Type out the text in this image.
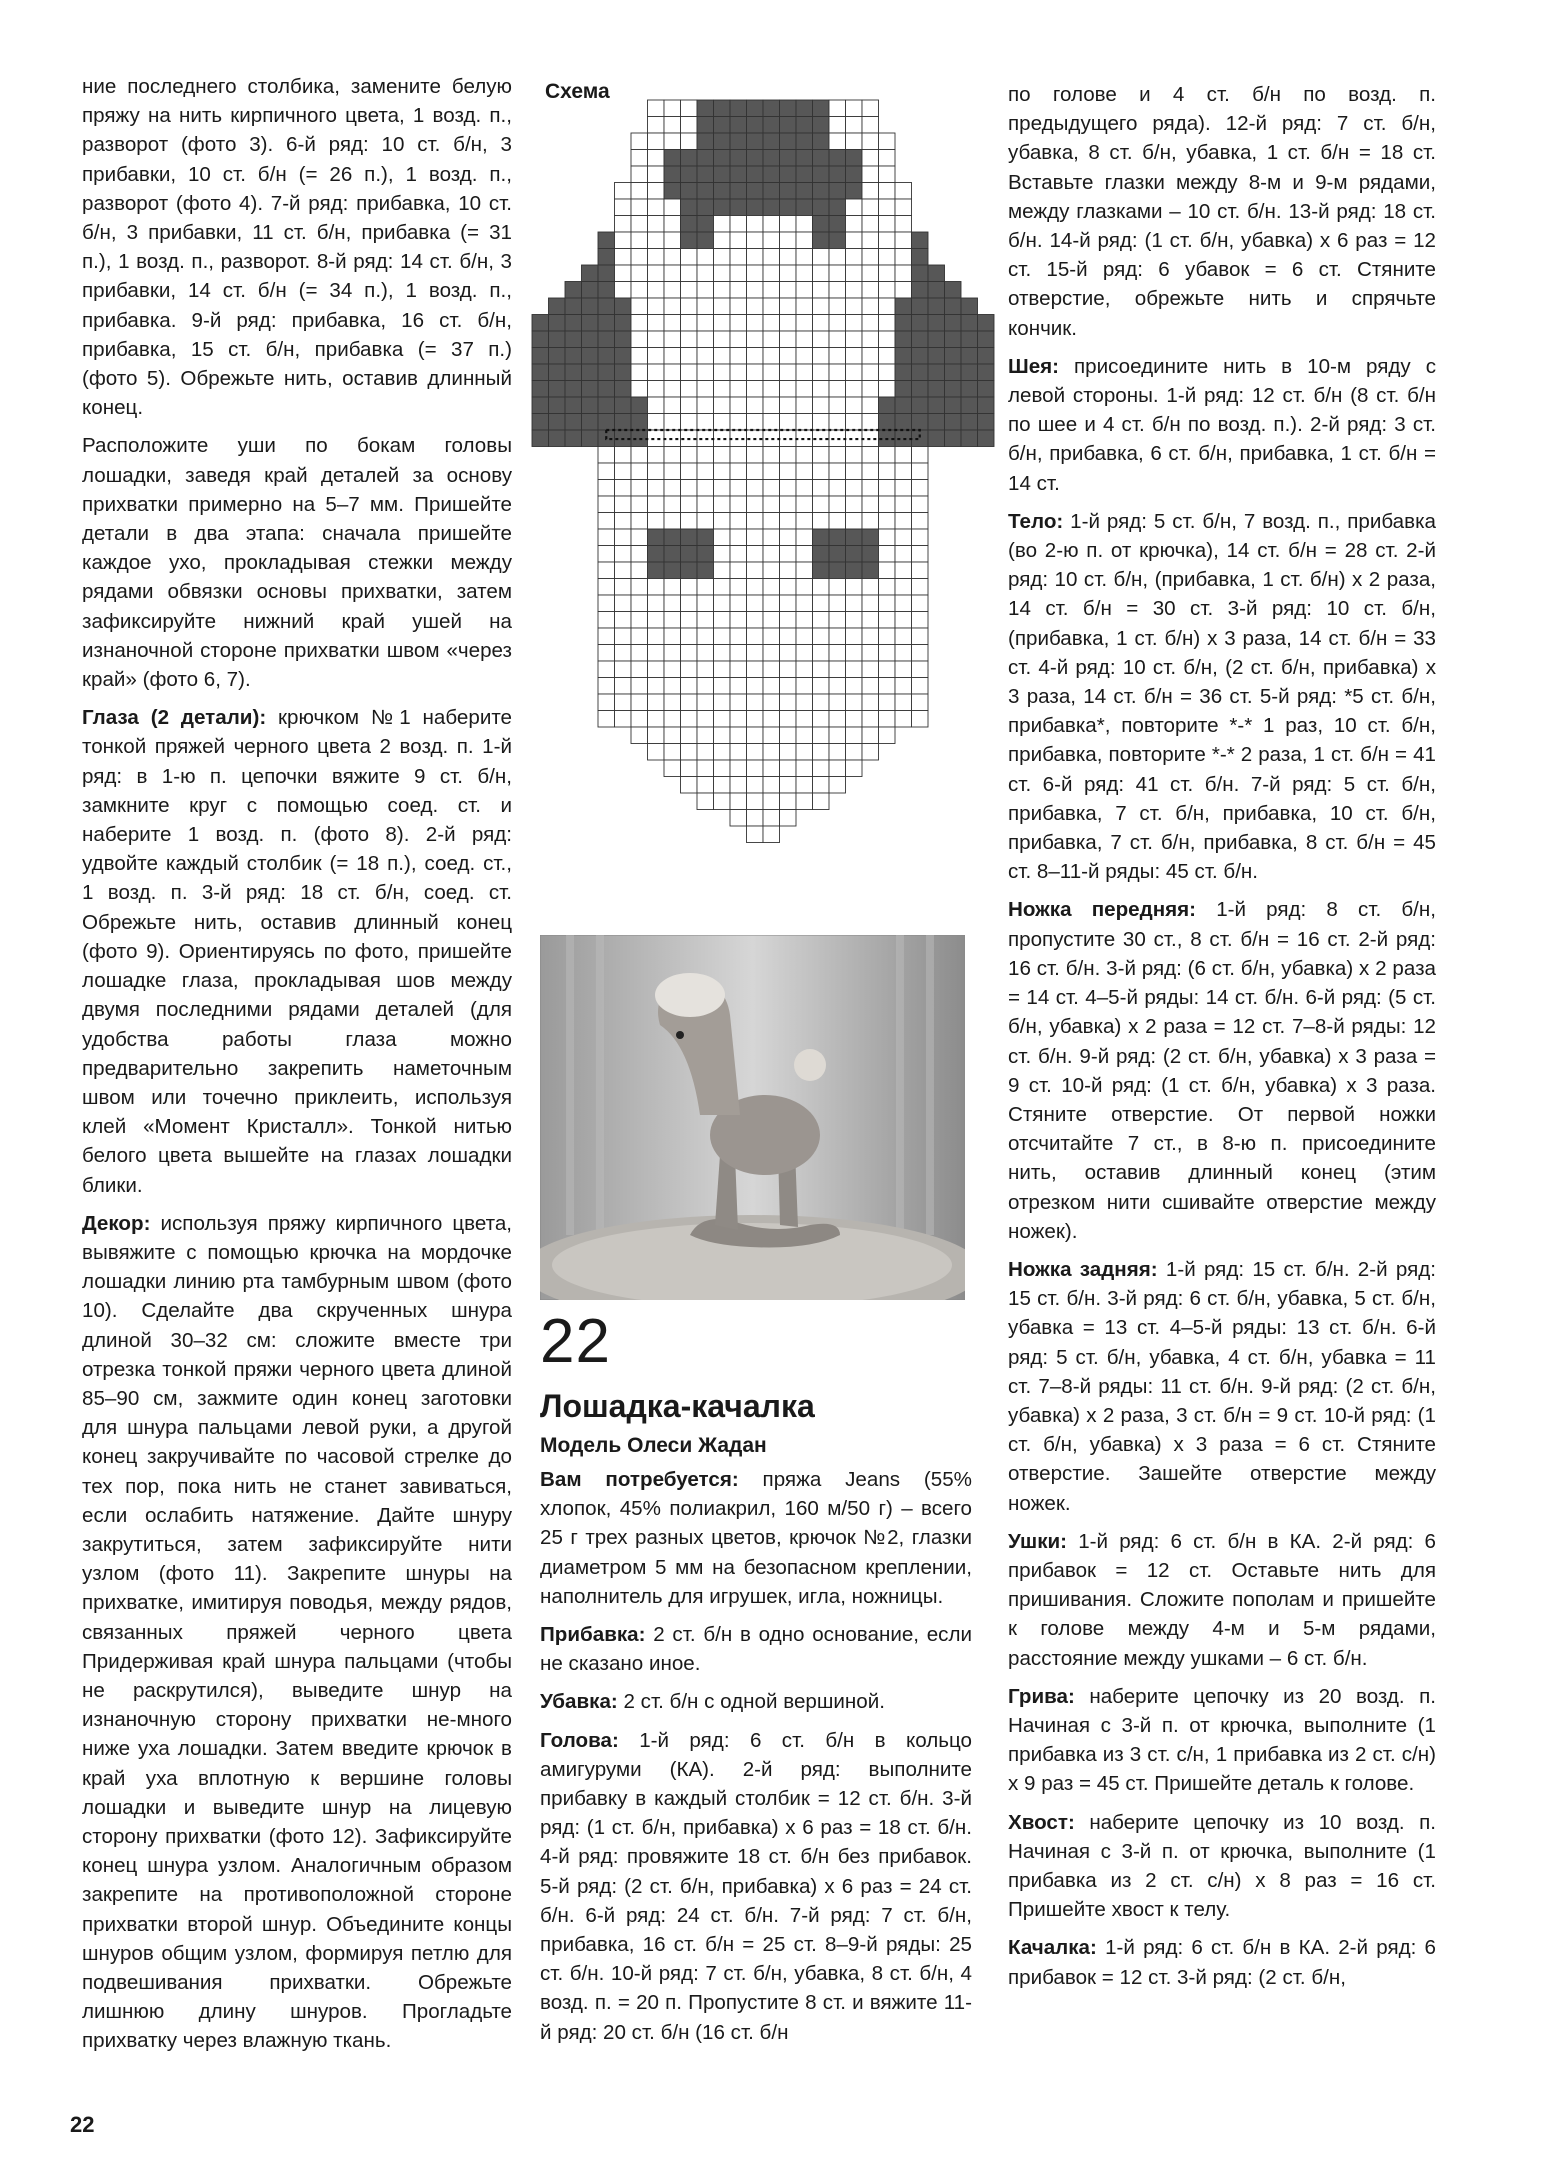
ние последнего столбика, замените белую пряжу на нить кирпичного цвета, 1 возд. п., разворот (фото 3). 6-й ряд: 10 ст. б/н, 3 прибавки, 10 ст. б/н (= 26 п.), 1 возд. п., разворот (фото 4). 7-й ряд: прибавка, 10 ст. б/н, 3 прибавки, 11 ст. б/н, прибавка (= 31 п.), 1 возд. п., разворот. 8-й ряд: 14 ст. б/н, 3 прибавки, 14 ст. б/н (= 34 п.), 1 возд. п., прибавка. 9-й ряд: прибавка, 16 ст. б/н, прибавка, 15 ст. б/н, прибавка (= 37 п.) (фото 5). Обрежьте нить, оставив длинный конец.

Расположите уши по бокам головы лошадки, заведя край деталей за основу прихватки примерно на 5–7 мм. Пришейте детали в два этапа: сначала пришейте каждое ухо, прокладывая стежки между рядами обвязки основы прихватки, затем зафиксируйте нижний край ушей на изнаночной стороне прихватки швом «через край» (фото 6, 7).

Глаза (2 детали): крючком №1 наберите тонкой пряжей черного цвета 2 возд. п. 1-й ряд: в 1-ю п. цепочки вяжите 9 ст. б/н, замкните круг с помощью соед. ст. и наберите 1 возд. п. (фото 8). 2-й ряд: удвойте каждый столбик (= 18 п.), соед. ст., 1 возд. п. 3-й ряд: 18 ст. б/н, соед. ст. Обрежьте нить, оставив длинный конец (фото 9). Ориентируясь по фото, пришейте лошадке глаза, прокладывая шов между двумя последними рядами деталей (для удобства работы глаза можно предварительно закрепить наметочным швом или точечно приклеить, используя клей «Момент Кристалл». Тонкой нитью белого цвета вышейте на глазах лошадки блики.

Декор: используя пряжу кирпичного цвета, вывяжите с помощью крючка на мордочке лошадки линию рта тамбурным швом (фото 10). Сделайте два скрученных шнура длиной 30–32 см: сложите вместе три отрезка тонкой пряжи черного цвета длиной 85–90 см, зажмите один конец заготовки для шнура пальцами левой руки, а другой конец закручивайте по часовой стрелке до тех пор, пока нить не станет завиваться, если ослабить натяжение. Дайте шнуру закрутиться, затем зафиксируйте нити узлом (фото 11). Закрепите шнуры на прихватке, имитируя поводья, между рядов, связанных пряжей черного цвета Придерживая край шнура пальцами (чтобы не раскрутился), выведите шнур на изнаночную сторону прихватки не-много ниже уха лошадки. Затем введите крючок в край уха вплотную к вершине головы лошадки и выведите шнур на лицевую сторону прихватки (фото 12). Зафиксируйте конец шнура узлом. Аналогичным образом закрепите на противоположной стороне прихватки второй шнур. Объедините концы шнуров общим узлом, формируя петлю для подвешивания прихватки. Обрежьте лишнюю длину шнуров. Прогладьте прихватку через влажную ткань.

Схема
22
Лошадка-качалка
Модель Олеси Жадан

Вам потребуется: пряжа Jeans (55% хлопок, 45% полиакрил, 160 м/50 г) – всего 25 г трех разных цветов, крючок №2, глазки диаметром 5 мм на безопасном креплении, наполнитель для игрушек, игла, ножницы.

Прибавка: 2 ст. б/н в одно основание, если не сказано иное.

Убавка: 2 ст. б/н с одной вершиной.

Голова: 1-й ряд: 6 ст. б/н в кольцо амигуруми (КА). 2-й ряд: выполните прибавку в каждый столбик = 12 ст. б/н. 3-й ряд: (1 ст. б/н, прибавка) х 6 раз = 18 ст. б/н. 4-й ряд: провяжите 18 ст. б/н без прибавок. 5-й ряд: (2 ст. б/н, прибавка) х 6 раз = 24 ст. б/н. 6-й ряд: 24 ст. б/н. 7-й ряд: 7 ст. б/н, прибавка, 16 ст. б/н = 25 ст. 8–9-й ряды: 25 ст. б/н. 10-й ряд: 7 ст. б/н, убавка, 8 ст. б/н, 4 возд. п. = 20 п. Пропустите 8 ст. и вяжите 11-й ряд: 20 ст. б/н (16 ст. б/н

по голове и 4 ст. б/н по возд. п. предыдущего ряда). 12-й ряд: 7 ст. б/н, убавка, 8 ст. б/н, убавка, 1 ст. б/н = 18 ст. Вставьте глазки между 8-м и 9-м рядами, между глазками – 10 ст. б/н. 13-й ряд: 18 ст. б/н. 14-й ряд: (1 ст. б/н, убавка) х 6 раз = 12 ст. 15-й ряд: 6 убавок = 6 ст. Стяните отверстие, обрежьте нить и спрячьте кончик.

Шея: присоедините нить в 10-м ряду с левой стороны. 1-й ряд: 12 ст. б/н (8 ст. б/н по шее и 4 ст. б/н по возд. п.). 2-й ряд: 3 ст. б/н, прибавка, 6 ст. б/н, прибавка, 1 ст. б/н = 14 ст.

Тело: 1-й ряд: 5 ст. б/н, 7 возд. п., прибавка (во 2-ю п. от крючка), 14 ст. б/н = 28 ст. 2-й ряд: 10 ст. б/н, (прибавка, 1 ст. б/н) х 2 раза, 14 ст. б/н = 30 ст. 3-й ряд: 10 ст. б/н, (прибавка, 1 ст. б/н) х 3 раза, 14 ст. б/н = 33 ст. 4-й ряд: 10 ст. б/н, (2 ст. б/н, прибавка) х 3 раза, 14 ст. б/н = 36 ст. 5-й ряд: *5 ст. б/н, прибавка*, повторите *-* 1 раз, 10 ст. б/н, прибавка, повторите *-* 2 раза, 1 ст. б/н = 41 ст. 6-й ряд: 41 ст. б/н. 7-й ряд: 5 ст. б/н, прибавка, 7 ст. б/н, прибавка, 10 ст. б/н, прибавка, 7 ст. б/н, прибавка, 8 ст. б/н = 45 ст. 8–11-й ряды: 45 ст. б/н.

Ножка передняя: 1-й ряд: 8 ст. б/н, пропустите 30 ст., 8 ст. б/н = 16 ст. 2-й ряд: 16 ст. б/н. 3-й ряд: (6 ст. б/н, убавка) х 2 раза = 14 ст. 4–5-й ряды: 14 ст. б/н. 6-й ряд: (5 ст. б/н, убавка) х 2 раза = 12 ст. 7–8-й ряды: 12 ст. б/н. 9-й ряд: (2 ст. б/н, убавка) х 3 раза = 9 ст. 10-й ряд: (1 ст. б/н, убавка) х 3 раза. Стяните отверстие. От первой ножки отсчитайте 7 ст., в 8-ю п. присоедините нить, оставив длинный конец (этим отрезком нити сшивайте отверстие между ножек).

Ножка задняя: 1-й ряд: 15 ст. б/н. 2-й ряд: 15 ст. б/н. 3-й ряд: 6 ст. б/н, убавка, 5 ст. б/н, убавка = 13 ст. 4–5-й ряды: 13 ст. б/н. 6-й ряд: 5 ст. б/н, убавка, 4 ст. б/н, убавка = 11 ст. 7–8-й ряды: 11 ст. б/н. 9-й ряд: (2 ст. б/н, убавка) х 2 раза, 3 ст. б/н = 9 ст. 10-й ряд: (1 ст. б/н, убавка) х 3 раза = 6 ст. Стяните отверстие. Зашейте отверстие между ножек.

Ушки: 1-й ряд: 6 ст. б/н в КА. 2-й ряд: 6 прибавок = 12 ст. Оставьте нить для пришивания. Сложите пополам и пришейте к голове между 4-м и 5-м рядами, расстояние между ушками – 6 ст. б/н.

Грива: наберите цепочку из 20 возд. п. Начиная с 3-й п. от крючка, выполните (1 прибавка из 3 ст. с/н, 1 прибавка из 2 ст. с/н) х 9 раз = 45 ст. Пришейте деталь к голове.

Хвост: наберите цепочку из 10 возд. п. Начиная с 3-й п. от крючка, выполните (1 прибавка из 2 ст. с/н) х 8 раз = 16 ст. Пришейте хвост к телу.

Качалка: 1-й ряд: 6 ст. б/н в КА. 2-й ряд: 6 прибавок = 12 ст. 3-й ряд: (2 ст. б/н,

22
